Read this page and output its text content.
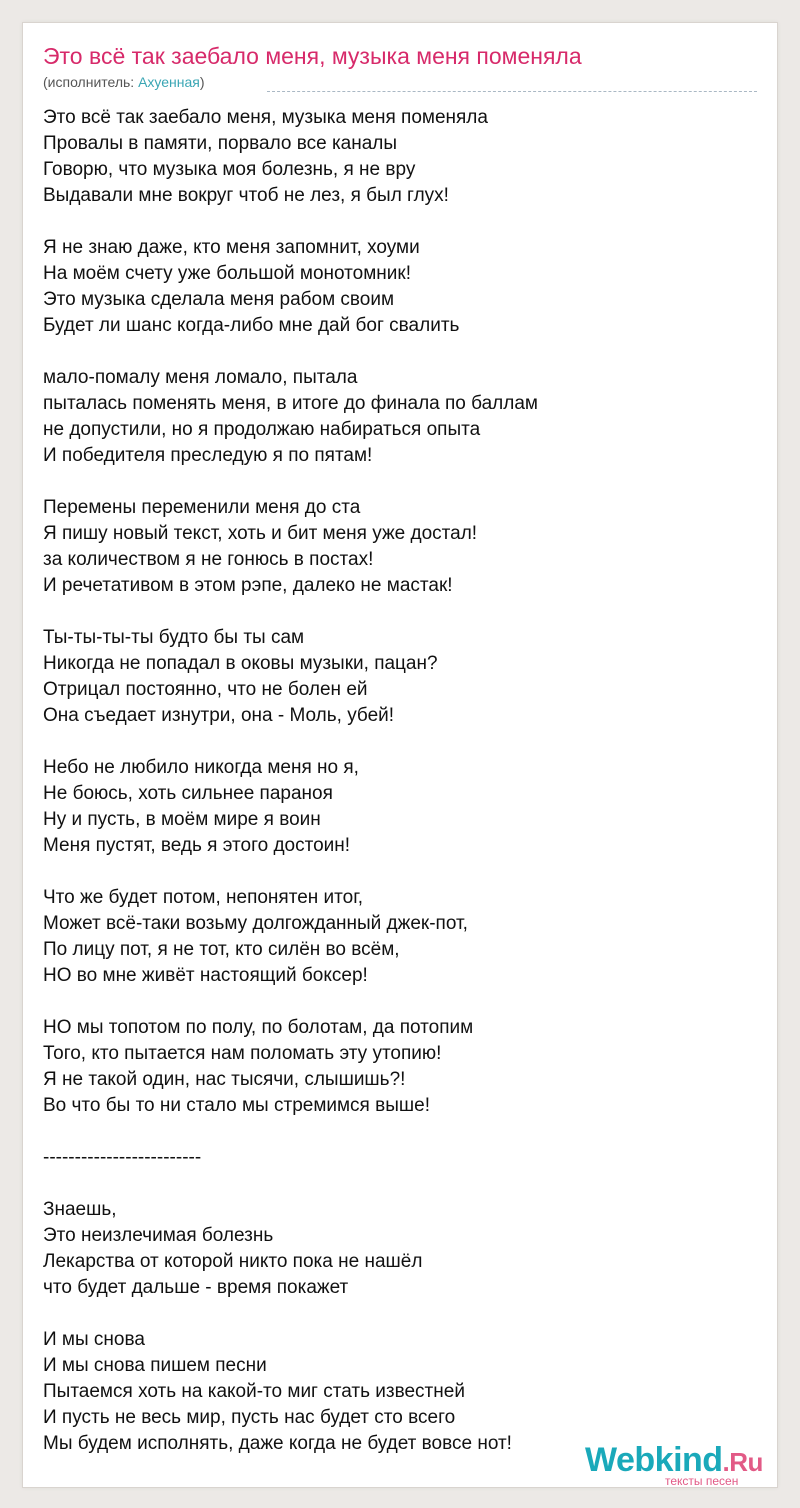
Это всё так заебало меня, музыка меня поменяла
(исполнитель: Ахуенная)
Это всё так заебало меня, музыка меня поменяла
Провалы в памяти, порвало все каналы
Говорю, что музыка моя болезнь, я не вру
Выдавали мне вокруг чтоб не лез, я был глух!
Я не знаю даже, кто меня запомнит, хоуми
На моём счету уже большой монотомник!
Это музыка сделала меня рабом своим
Будет ли шанс когда-либо мне дай бог свалить
мало-помалу меня ломало, пытала
пыталась поменять меня, в итоге до финала по баллам
не допустили, но я продолжаю набираться опыта
И победителя преследую я по пятам!
Перемены переменили меня до ста
Я пишу новый текст, хоть и бит меня уже достал!
за количеством я не гонюсь в постах!
И речетативом в этом рэпе, далеко не мастак!
Ты-ты-ты-ты будто бы ты сам
Никогда не попадал в оковы музыки, пацан?
Отрицал постоянно, что не болен ей
Она съедает изнутри, она - Моль, убей!
Небо не любило никогда меня но я,
Не боюсь, хоть сильнее параноя
Ну и пусть, в моём мире я воин
Меня пустят, ведь я этого достоин!
Что же будет потом, непонятен итог,
Может всё-таки возьму долгожданный джек-пот,
По лицу пот, я не тот, кто силён во всём,
НО во мне живёт настоящий боксер!
НО мы топотом по полу, по болотам, да потопим
Того, кто пытается нам поломать эту утопию!
Я не такой один, нас тысячи, слышишь?!
Во что бы то ни стало мы стремимся выше!
-------------------------
Знаешь,
Это неизлечимая болезнь
Лекарства от которой никто пока не нашёл
что будет дальше - время покажет
И мы снова
И мы снова пишем песни
Пытаемся хоть на какой-то миг стать известней
И пусть не весь мир, пусть нас будет сто всего
Мы будем исполнять, даже когда не будет вовсе нот!	Webkind.Ru
тексты песен
